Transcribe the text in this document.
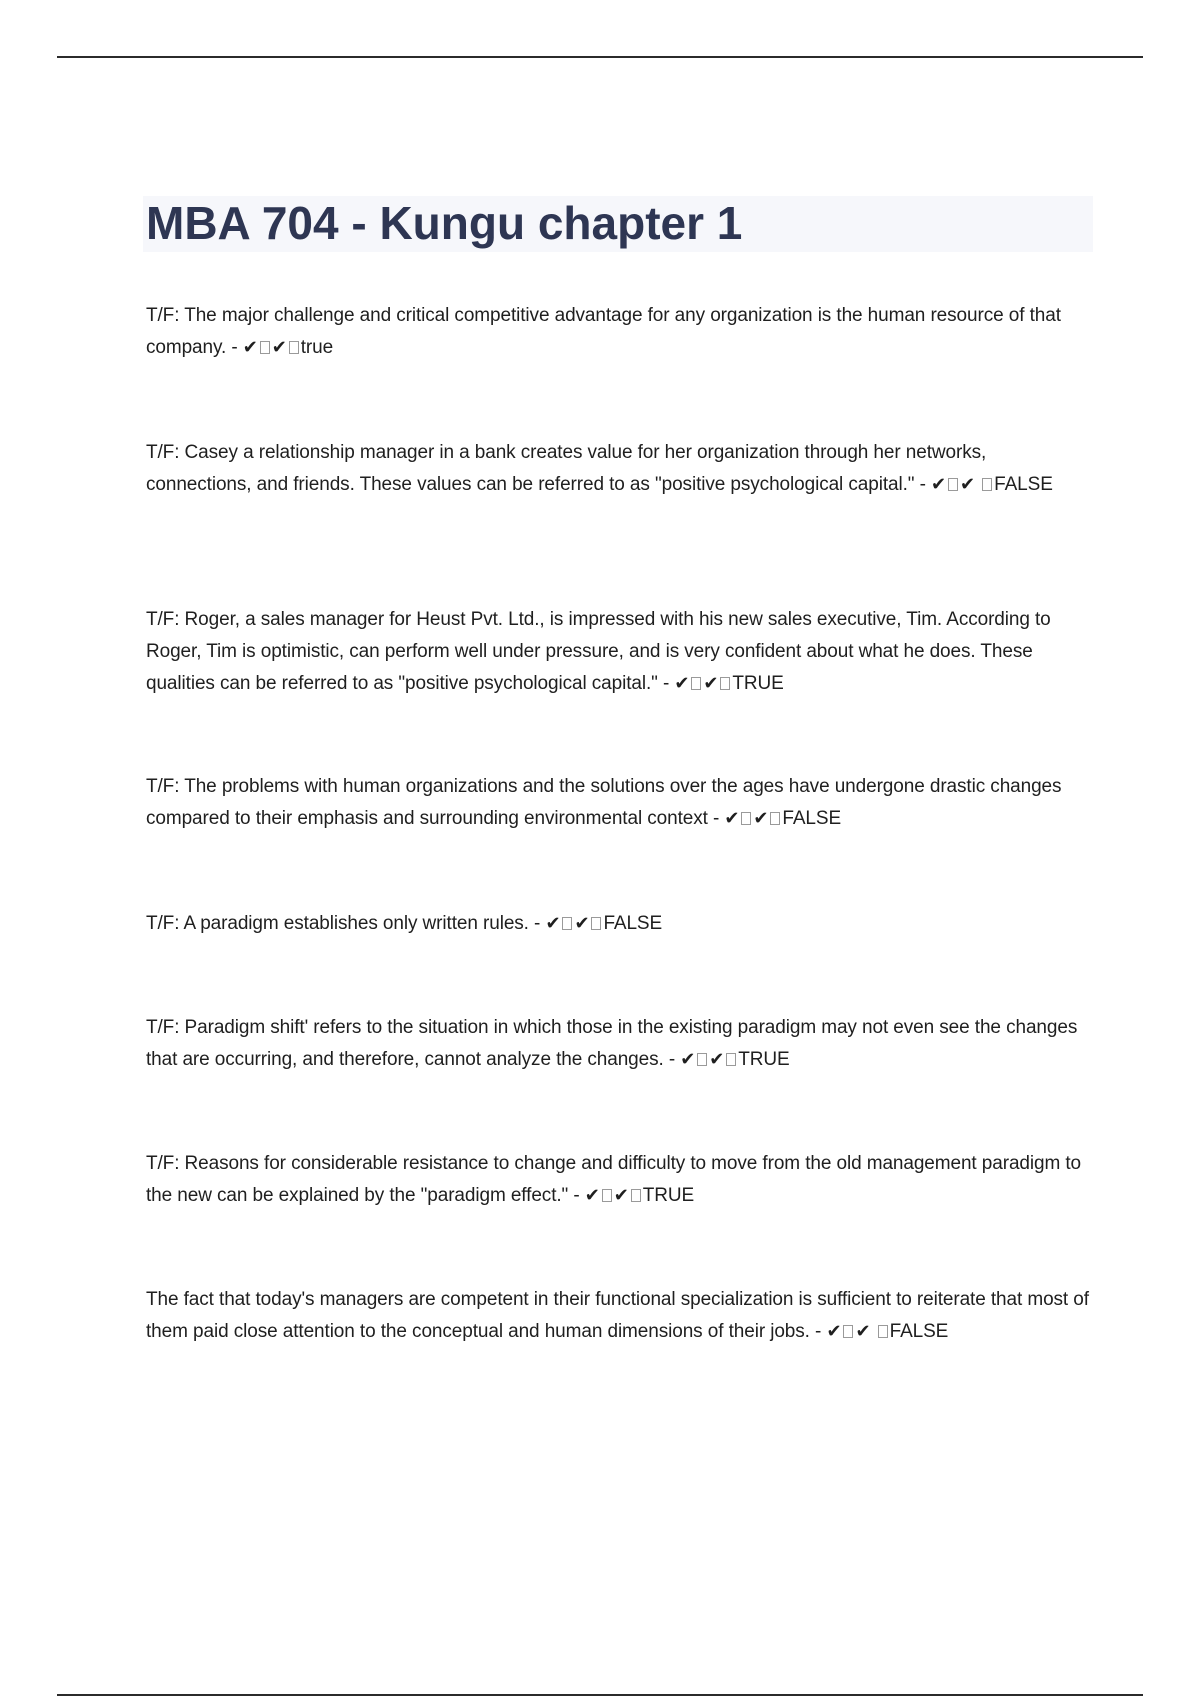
MBA 704 - Kungu chapter 1

T/F: The major challenge and critical competitive advantage for any organization is the human resource of that company. - ✔ ✔ true

T/F: Casey a relationship manager in a bank creates value for her organization through her networks, connections, and friends. These values can be referred to as "positive psychological capital." - ✔ ✔ FALSE

T/F: Roger, a sales manager for Heust Pvt. Ltd., is impressed with his new sales executive, Tim. According to Roger, Tim is optimistic, can perform well under pressure, and is very confident about what he does. These qualities can be referred to as "positive psychological capital." - ✔ ✔ TRUE

T/F: The problems with human organizations and the solutions over the ages have undergone drastic changes compared to their emphasis and surrounding environmental context - ✔ ✔ FALSE

T/F: A paradigm establishes only written rules. - ✔ ✔ FALSE

T/F: Paradigm shift' refers to the situation in which those in the existing paradigm may not even see the changes that are occurring, and therefore, cannot analyze the changes. - ✔ ✔ TRUE

T/F: Reasons for considerable resistance to change and difficulty to move from the old management paradigm to the new can be explained by the "paradigm effect." - ✔ ✔ TRUE

The fact that today's managers are competent in their functional specialization is sufficient to reiterate that most of them paid close attention to the conceptual and human dimensions of their jobs. - ✔ ✔ FALSE
